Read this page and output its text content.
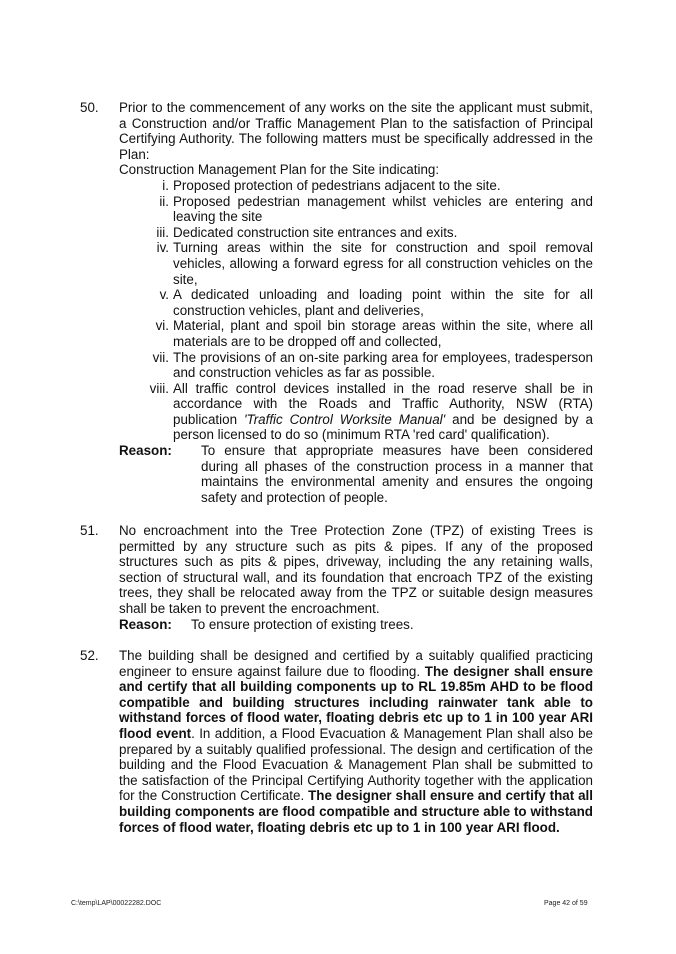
50. Prior to the commencement of any works on the site the applicant must submit, a Construction and/or Traffic Management Plan to the satisfaction of Principal Certifying Authority. The following matters must be specifically addressed in the Plan:

Construction Management Plan for the Site indicating:

i. Proposed protection of pedestrians adjacent to the site.
ii. Proposed pedestrian management whilst vehicles are entering and leaving the site
iii. Dedicated construction site entrances and exits.
iv. Turning areas within the site for construction and spoil removal vehicles, allowing a forward egress for all construction vehicles on the site,
v. A dedicated unloading and loading point within the site for all construction vehicles, plant and deliveries,
vi. Material, plant and spoil bin storage areas within the site, where all materials are to be dropped off and collected,
vii. The provisions of an on-site parking area for employees, tradesperson and construction vehicles as far as possible.
viii. All traffic control devices installed in the road reserve shall be in accordance with the Roads and Traffic Authority, NSW (RTA) publication 'Traffic Control Worksite Manual' and be designed by a person licensed to do so (minimum RTA 'red card' qualification).
Reason:	To ensure that appropriate measures have been considered during all phases of the construction process in a manner that maintains the environmental amenity and ensures the ongoing safety and protection of people.
51. No encroachment into the Tree Protection Zone (TPZ) of existing Trees is permitted by any structure such as pits & pipes. If any of the proposed structures such as pits & pipes, driveway, including the any retaining walls, section of structural wall, and its foundation that encroach TPZ of the existing trees, they shall be relocated away from the TPZ or suitable design measures shall be taken to prevent the encroachment.

Reason:	To ensure protection of existing trees.
52. The building shall be designed and certified by a suitably qualified practicing engineer to ensure against failure due to flooding. The designer shall ensure and certify that all building components up to RL 19.85m AHD to be flood compatible and building structures including rainwater tank able to withstand forces of flood water, floating debris etc up to 1 in 100 year ARI flood event. In addition, a Flood Evacuation & Management Plan shall also be prepared by a suitably qualified professional. The design and certification of the building and the Flood Evacuation & Management Plan shall be submitted to the satisfaction of the Principal Certifying Authority together with the application for the Construction Certificate. The designer shall ensure and certify that all building components are flood compatible and structure able to withstand forces of flood water, floating debris etc up to 1 in 100 year ARI flood.

C:\temp\LAP\00022282.DOC	Page 42 of 59
